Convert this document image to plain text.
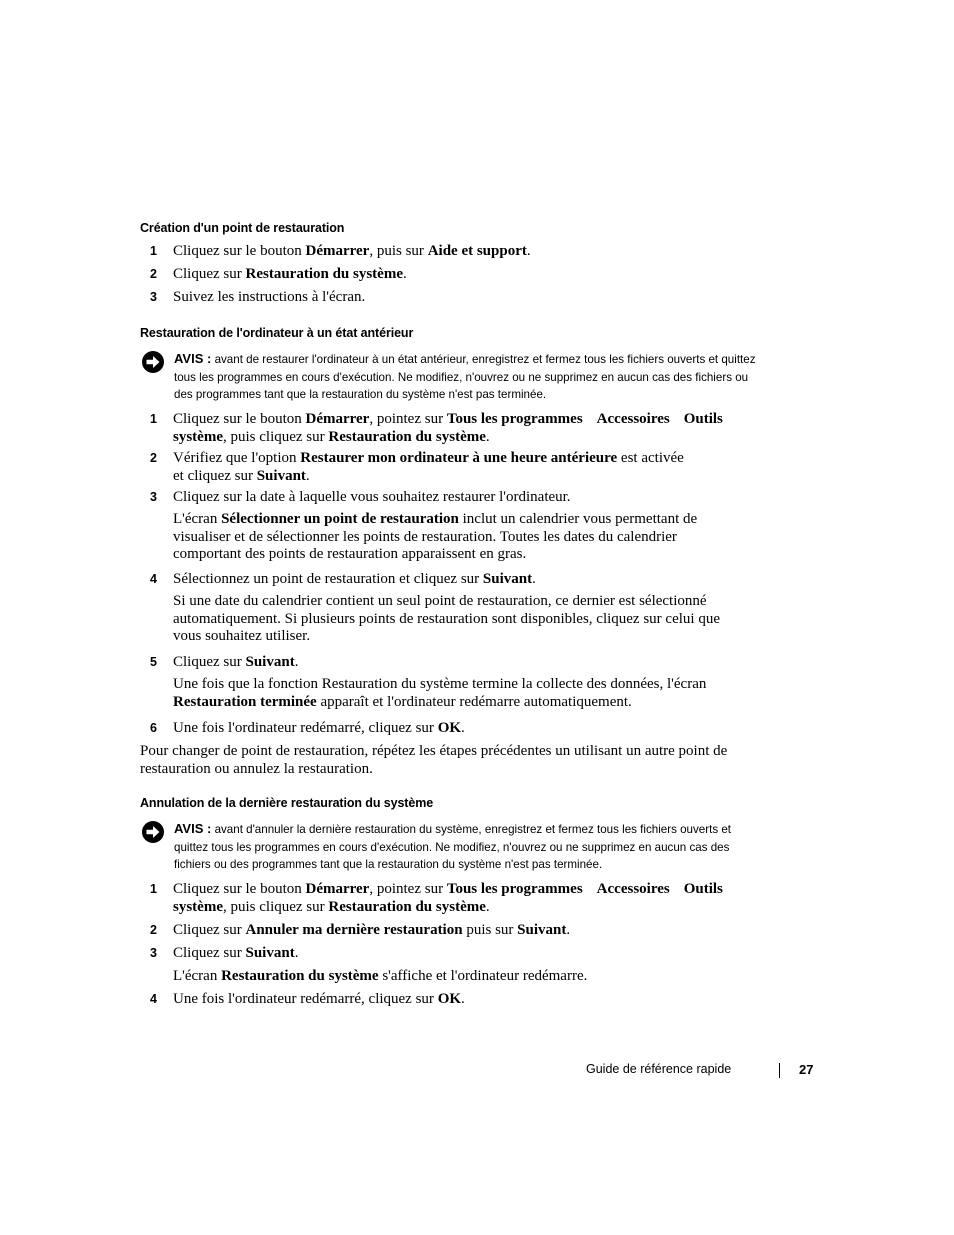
Création d'un point de restauration
1	Cliquez sur le bouton Démarrer, puis sur Aide et support.
2	Cliquez sur Restauration du système.
3	Suivez les instructions à l'écran.
Restauration de l'ordinateur à un état antérieur
AVIS : avant de restaurer l'ordinateur à un état antérieur, enregistrez et fermez tous les fichiers ouverts et quittez tous les programmes en cours d'exécution. Ne modifiez, n'ouvrez ou ne supprimez en aucun cas des fichiers ou des programmes tant que la restauration du système n'est pas terminée.
1	Cliquez sur le bouton Démarrer, pointez sur Tous les programmes Accessoires Outils système, puis cliquez sur Restauration du système.
2	Vérifiez que l'option Restaurer mon ordinateur à une heure antérieure est activée et cliquez sur Suivant.
3	Cliquez sur la date à laquelle vous souhaitez restaurer l'ordinateur.
L'écran Sélectionner un point de restauration inclut un calendrier vous permettant de visualiser et de sélectionner les points de restauration. Toutes les dates du calendrier comportant des points de restauration apparaissent en gras.
4	Sélectionnez un point de restauration et cliquez sur Suivant.
Si une date du calendrier contient un seul point de restauration, ce dernier est sélectionné automatiquement. Si plusieurs points de restauration sont disponibles, cliquez sur celui que vous souhaitez utiliser.
5	Cliquez sur Suivant.
Une fois que la fonction Restauration du système termine la collecte des données, l'écran Restauration terminée apparaît et l'ordinateur redémarre automatiquement.
6	Une fois l'ordinateur redémarré, cliquez sur OK.
Pour changer de point de restauration, répétez les étapes précédentes un utilisant un autre point de restauration ou annulez la restauration.
Annulation de la dernière restauration du système
AVIS : avant d'annuler la dernière restauration du système, enregistrez et fermez tous les fichiers ouverts et quittez tous les programmes en cours d'exécution. Ne modifiez, n'ouvrez ou ne supprimez en aucun cas des fichiers ou des programmes tant que la restauration du système n'est pas terminée.
1	Cliquez sur le bouton Démarrer, pointez sur Tous les programmes Accessoires Outils système, puis cliquez sur Restauration du système.
2	Cliquez sur Annuler ma dernière restauration puis sur Suivant.
3	Cliquez sur Suivant.
L'écran Restauration du système s'affiche et l'ordinateur redémarre.
4	Une fois l'ordinateur redémarré, cliquez sur OK.
Guide de référence rapide	27
